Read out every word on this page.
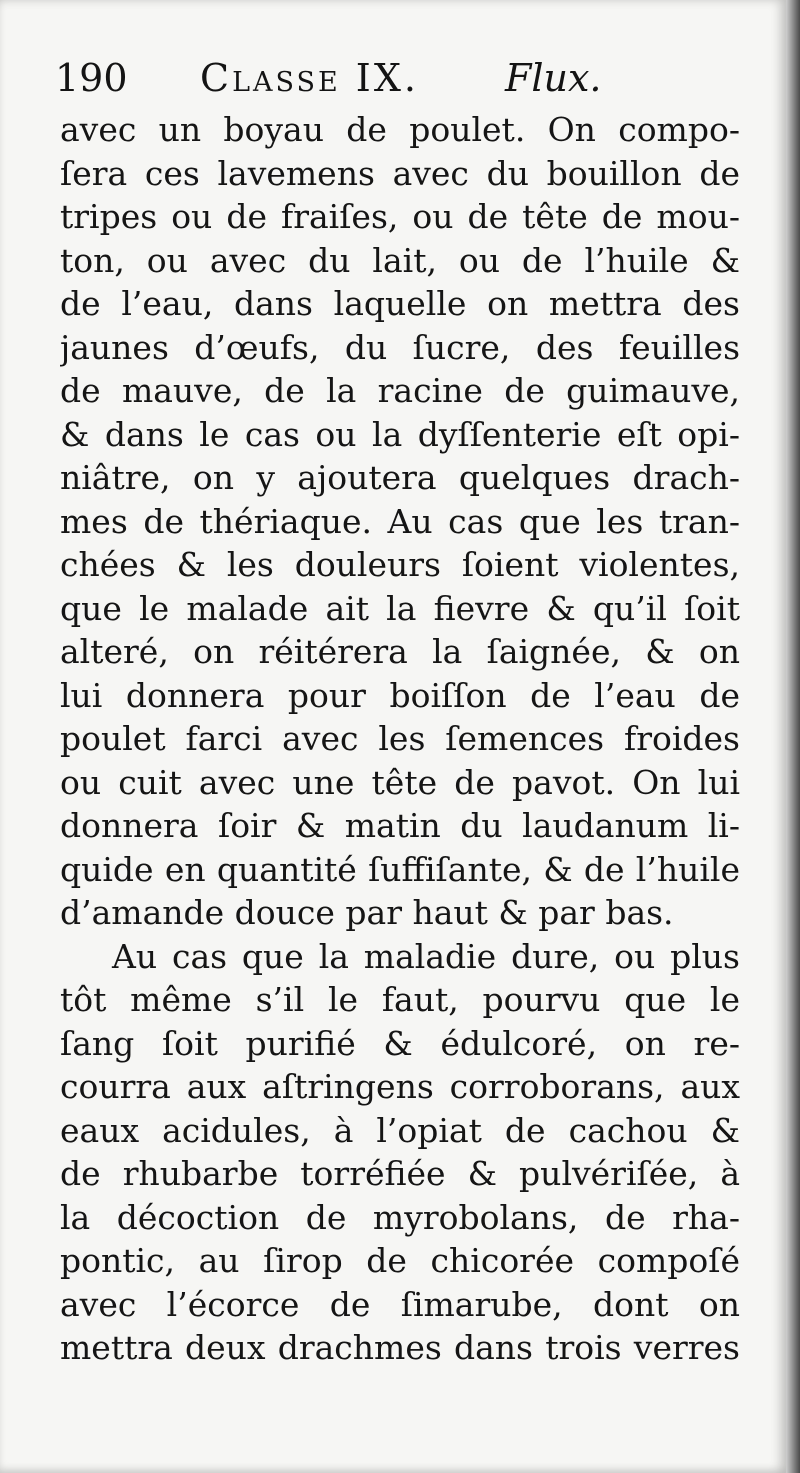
190 Classe IX. Flux.
avec un boyau de poulet. On compo-
ſera ces lavemens avec du bouillon de
tripes ou de fraiſes, ou de tête de mou-
ton, ou avec du lait, ou de l’huile &
de l’eau, dans laquelle on mettra des
jaunes d’œufs, du ſucre, des feuilles
de mauve, de la racine de guimauve,
& dans le cas ou la dyſſenterie eſt opi-
niâtre, on y ajoutera quelques drach-
mes de thériaque. Au cas que les tran-
chées & les douleurs ſoient violentes,
que le malade ait la fievre & qu’il ſoit
alteré, on réitérera la ſaignée, & on
lui donnera pour boiſſon de l’eau de
poulet farci avec les ſemences froides
ou cuit avec une tête de pavot. On lui
donnera ſoir & matin du laudanum li-
quide en quantité ſuffiſante, & de l’huile
d’amande douce par haut & par bas.
Au cas que la maladie dure, ou plus
tôt même s’il le faut, pourvu que le
ſang ſoit purifié & édulcoré, on re-
courra aux aſtringens corroborans, aux
eaux acidules, à l’opiat de cachou &
de rhubarbe torréfiée & pulvériſée, à
la décoction de myrobolans, de rha-
pontic, au ſirop de chicorée compoſé
avec l’écorce de ſimarube, dont on
mettra deux drachmes dans trois verres
